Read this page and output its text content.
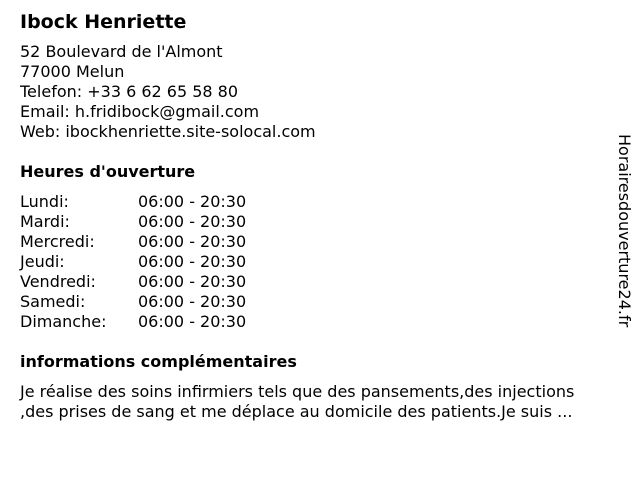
Ibock Henriette
52 Boulevard de l'Almont
77000 Melun
Telefon: +33 6 62 65 58 80
Email: h.fridibock@gmail.com
Web: ibockhenriette.site-solocal.com
Heures d'ouverture
Lundi:	06:00 - 20:30
Mardi:	06:00 - 20:30
Mercredi:	06:00 - 20:30
Jeudi:	06:00 - 20:30
Vendredi:	06:00 - 20:30
Samedi:	06:00 - 20:30
Dimanche:	06:00 - 20:30
informations complémentaires
Je réalise des soins infirmiers tels que des pansements,des injections
,des prises de sang et me déplace au domicile des patients.Je suis ...
Horairesdouverture24.fr
